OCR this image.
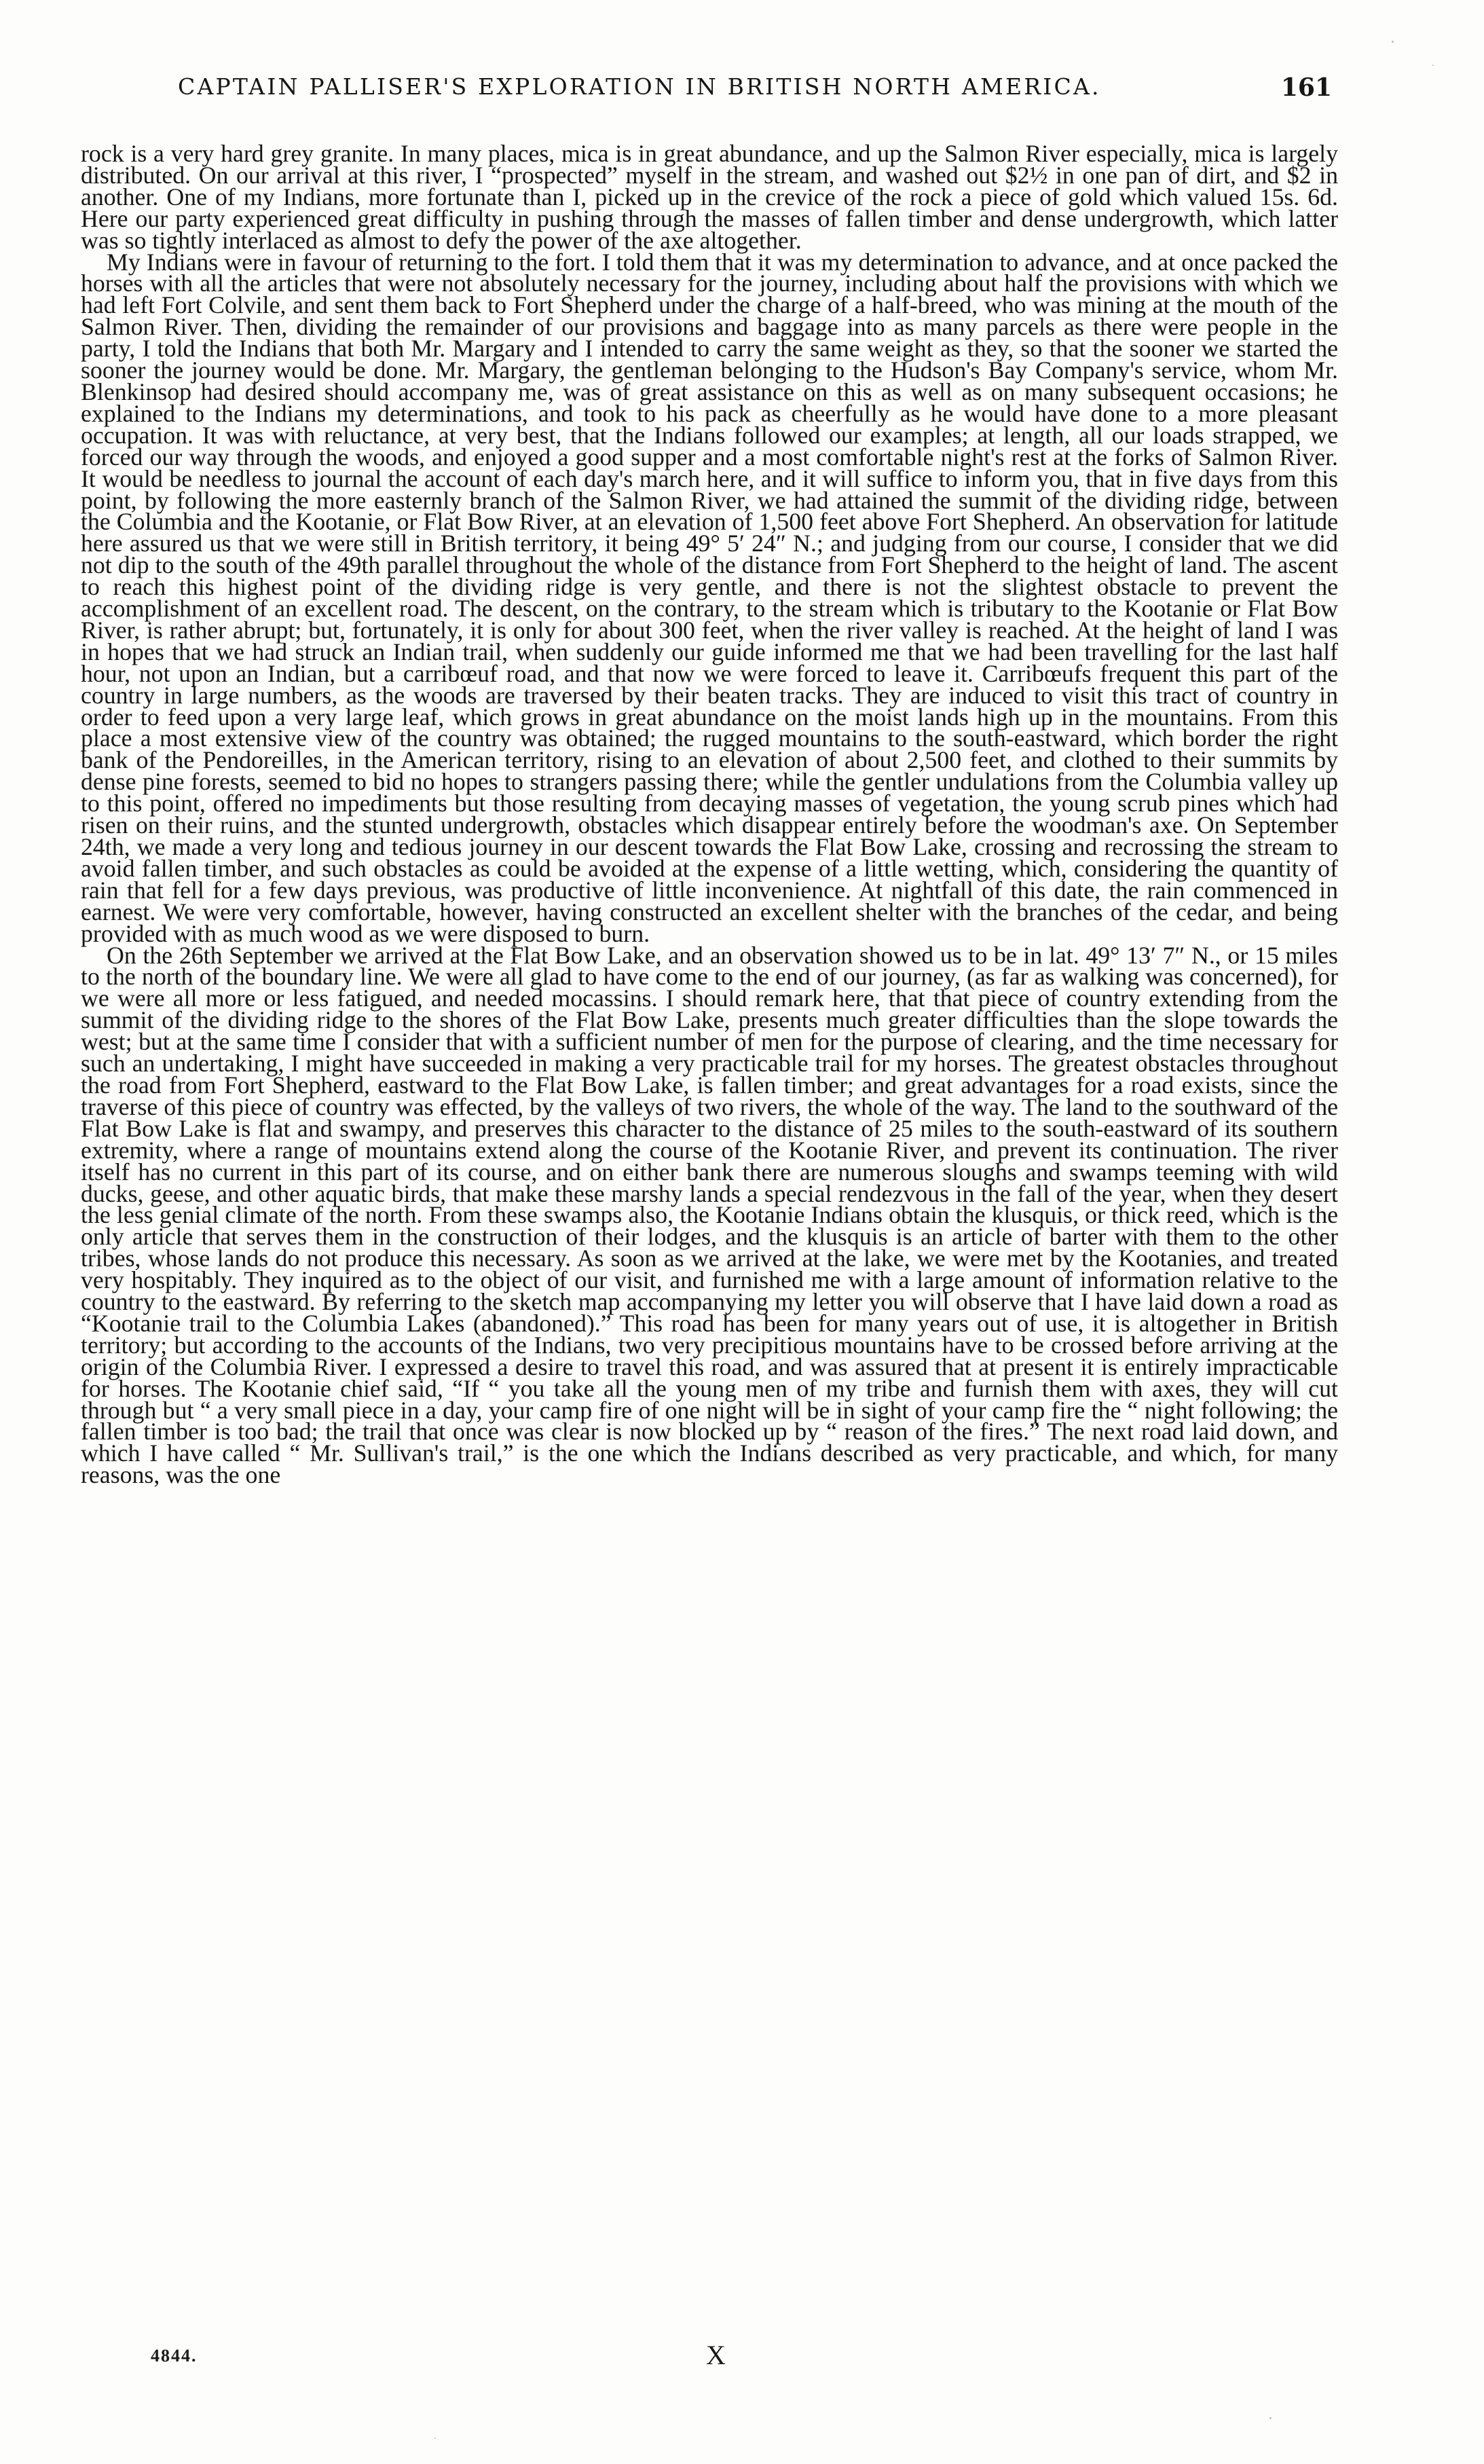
CAPTAIN PALLISER'S EXPLORATION IN BRITISH NORTH AMERICA.	161

rock is a very hard grey granite. In many places, mica is in great abundance, and up the Salmon River especially, mica is largely distributed. On our arrival at this river, I “prospected” myself in the stream, and washed out $2½ in one pan of dirt, and $2 in another. One of my Indians, more fortunate than I, picked up in the crevice of the rock a piece of gold which valued 15s. 6d. Here our party experienced great difficulty in pushing through the masses of fallen timber and dense undergrowth, which latter was so tightly interlaced as almost to defy the power of the axe altogether.

My Indians were in favour of returning to the fort. I told them that it was my determination to advance, and at once packed the horses with all the articles that were not absolutely necessary for the journey, including about half the provisions with which we had left Fort Colvile, and sent them back to Fort Shepherd under the charge of a half-breed, who was mining at the mouth of the Salmon River. Then, dividing the remainder of our provisions and baggage into as many parcels as there were people in the party, I told the Indians that both Mr. Margary and I intended to carry the same weight as they, so that the sooner we started the sooner the journey would be done. Mr. Margary, the gentleman belonging to the Hudson's Bay Company's service, whom Mr. Blenkinsop had desired should accompany me, was of great assistance on this as well as on many subsequent occasions; he explained to the Indians my determinations, and took to his pack as cheerfully as he would have done to a more pleasant occupation. It was with reluctance, at very best, that the Indians followed our examples; at length, all our loads strapped, we forced our way through the woods, and enjoyed a good supper and a most comfortable night's rest at the forks of Salmon River. It would be needless to journal the account of each day's march here, and it will suffice to inform you, that in five days from this point, by following the more easternly branch of the Salmon River, we had attained the summit of the dividing ridge, between the Columbia and the Kootanie, or Flat Bow River, at an elevation of 1,500 feet above Fort Shepherd. An observation for latitude here assured us that we were still in British territory, it being 49° 5′ 24″ N.; and judging from our course, I consider that we did not dip to the south of the 49th parallel throughout the whole of the distance from Fort Shepherd to the height of land. The ascent to reach this highest point of the dividing ridge is very gentle, and there is not the slightest obstacle to prevent the accomplishment of an excellent road. The descent, on the contrary, to the stream which is tributary to the Kootanie or Flat Bow River, is rather abrupt; but, fortunately, it is only for about 300 feet, when the river valley is reached. At the height of land I was in hopes that we had struck an Indian trail, when suddenly our guide informed me that we had been travelling for the last half hour, not upon an Indian, but a carribœuf road, and that now we were forced to leave it. Carribœufs frequent this part of the country in large numbers, as the woods are traversed by their beaten tracks. They are induced to visit this tract of country in order to feed upon a very large leaf, which grows in great abundance on the moist lands high up in the mountains. From this place a most extensive view of the country was obtained; the rugged mountains to the south-eastward, which border the right bank of the Pendoreilles, in the American territory, rising to an elevation of about 2,500 feet, and clothed to their summits by dense pine forests, seemed to bid no hopes to strangers passing there; while the gentler undulations from the Columbia valley up to this point, offered no impediments but those resulting from decaying masses of vegetation, the young scrub pines which had risen on their ruins, and the stunted undergrowth, obstacles which disappear entirely before the woodman's axe. On September 24th, we made a very long and tedious journey in our descent towards the Flat Bow Lake, crossing and recrossing the stream to avoid fallen timber, and such obstacles as could be avoided at the expense of a little wetting, which, considering the quantity of rain that fell for a few days previous, was productive of little inconvenience. At nightfall of this date, the rain commenced in earnest. We were very comfortable, however, having constructed an excellent shelter with the branches of the cedar, and being provided with as much wood as we were disposed to burn.

On the 26th September we arrived at the Flat Bow Lake, and an observation showed us to be in lat. 49° 13′ 7″ N., or 15 miles to the north of the boundary line. We were all glad to have come to the end of our journey, (as far as walking was concerned), for we were all more or less fatigued, and needed mocassins. I should remark here, that that piece of country extending from the summit of the dividing ridge to the shores of the Flat Bow Lake, presents much greater difficulties than the slope towards the west; but at the same time I consider that with a sufficient number of men for the purpose of clearing, and the time necessary for such an undertaking, I might have succeeded in making a very practicable trail for my horses. The greatest obstacles throughout the road from Fort Shepherd, eastward to the Flat Bow Lake, is fallen timber; and great advantages for a road exists, since the traverse of this piece of country was effected, by the valleys of two rivers, the whole of the way. The land to the southward of the Flat Bow Lake is flat and swampy, and preserves this character to the distance of 25 miles to the south-eastward of its southern extremity, where a range of mountains extend along the course of the Kootanie River, and prevent its continuation. The river itself has no current in this part of its course, and on either bank there are numerous sloughs and swamps teeming with wild ducks, geese, and other aquatic birds, that make these marshy lands a special rendezvous in the fall of the year, when they desert the less genial climate of the north. From these swamps also, the Kootanie Indians obtain the klusquis, or thick reed, which is the only article that serves them in the construction of their lodges, and the klusquis is an article of barter with them to the other tribes, whose lands do not produce this necessary. As soon as we arrived at the lake, we were met by the Kootanies, and treated very hospitably. They inquired as to the object of our visit, and furnished me with a large amount of information relative to the country to the eastward. By referring to the sketch map accompanying my letter you will observe that I have laid down a road as “Kootanie trail to the Columbia Lakes (abandoned).” This road has been for many years out of use, it is altogether in British territory; but according to the accounts of the Indians, two very precipitious mountains have to be crossed before arriving at the origin of the Columbia River. I expressed a desire to travel this road, and was assured that at present it is entirely impracticable for horses. The Kootanie chief said, “If “ you take all the young men of my tribe and furnish them with axes, they will cut through but “ a very small piece in a day, your camp fire of one night will be in sight of your camp fire the “ night following; the fallen timber is too bad; the trail that once was clear is now blocked up by “ reason of the fires.” The next road laid down, and which I have called “ Mr. Sullivan's trail,” is the one which the Indians described as very practicable, and which, for many reasons, was the one

4844.	X
